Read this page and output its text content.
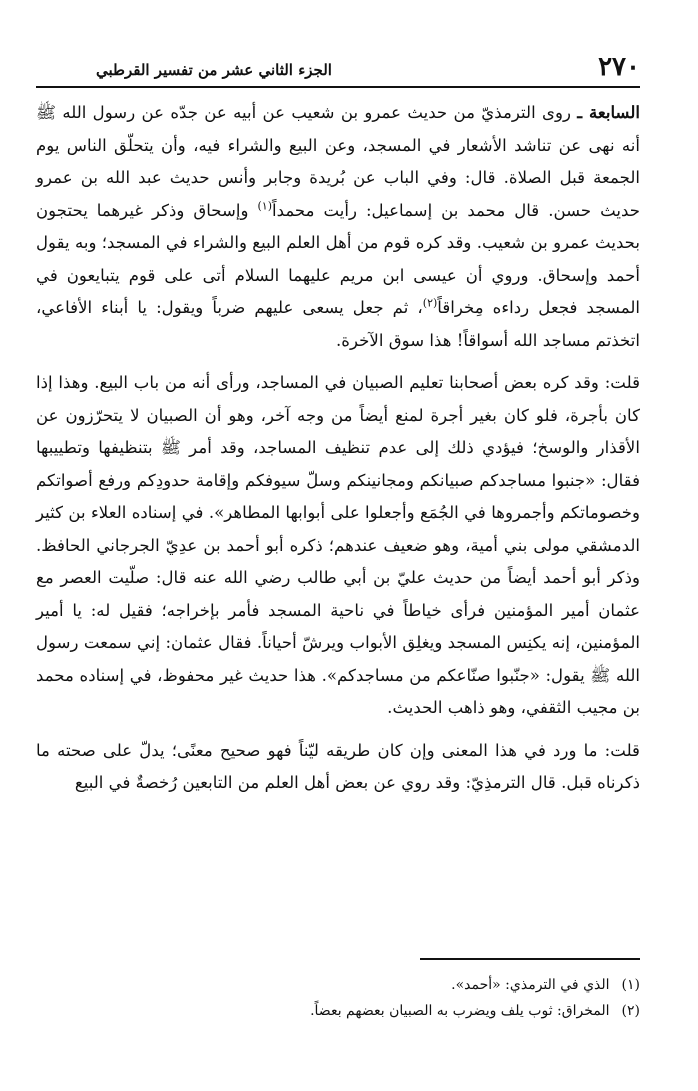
٢٧٠
الجزء الثاني عشر من تفسير القرطبي

السابعة ـ روى الترمذيّ من حديث عمرو بن شعيب عن أبيه عن جدّه عن رسول الله ﷺ أنه نهى عن تناشد الأشعار في المسجد، وعن البيع والشراء فيه، وأن يتحلّق الناس يوم الجمعة قبل الصلاة. قال: وفي الباب عن بُريدة وجابر وأنس حديث عبد الله بن عمرو حديث حسن. قال محمد بن إسماعيل: رأيت محمداً$^{(١)}$ وإسحاق وذكر غيرهما يحتجون بحديث عمرو بن شعيب. وقد كره قوم من أهل العلم البيع والشراء في المسجد؛ وبه يقول أحمد وإسحاق. وروي أن عيسى ابن مريم عليهما السلام أتى على قوم يتبايعون في المسجد فجعل رداءه مِخراقاً$^{(٢)}$، ثم جعل يسعى عليهم ضرباً ويقول: يا أبناء الأفاعي، اتخذتم مساجد الله أسواقاً! هذا سوق الآخرة.

قلت: وقد كره بعض أصحابنا تعليم الصبيان في المساجد، ورأى أنه من باب البيع. وهذا إذا كان بأجرة، فلو كان بغير أجرة لمنع أيضاً من وجه آخر، وهو أن الصبيان لا يتحرّزون عن الأقذار والوسخ؛ فيؤدي ذلك إلى عدم تنظيف المساجد، وقد أمر ﷺ بتنظيفها وتطييبها فقال: «جنبوا مساجدكم صبيانكم ومجانينكم وسلّ سيوفكم وإقامة حدودِكم ورفع أصواتكم وخصوماتكم وأجمروها في الجُمَع وأجعلوا على أبوابها المطاهر». في إسناده العلاء بن كثير الدمشقي مولى بني أمية، وهو ضعيف عندهم؛ ذكره أبو أحمد بن عدِيّ الجرجاني الحافظ. وذكر أبو أحمد أيضاً من حديث عليّ بن أبي طالب رضي الله عنه قال: صلّيت العصر مع عثمان أمير المؤمنين فرأى خياطاً في ناحية المسجد فأمر بإخراجه؛ فقيل له: يا أمير المؤمنين، إنه يكنِس المسجد ويغلِق الأبواب ويرشّ أحياناً. فقال عثمان: إني سمعت رسول الله ﷺ يقول: «جنّبوا صنّاعكم من مساجدكم». هذا حديث غير محفوظ، في إسناده محمد بن مجيب الثقفي، وهو ذاهب الحديث.

قلت: ما ورد في هذا المعنى وإن كان طريقه ليّناً فهو صحيح معنًى؛ يدلّ على صحته ما ذكرناه قبل. قال الترمذِيّ: وقد روي عن بعض أهل العلم من التابعين رُخصةٌ في البيع

(١)الذي في الترمذي: «أحمد».

(٢)المخراق: ثوب يلف ويضرب به الصبيان بعضهم بعضاً.
